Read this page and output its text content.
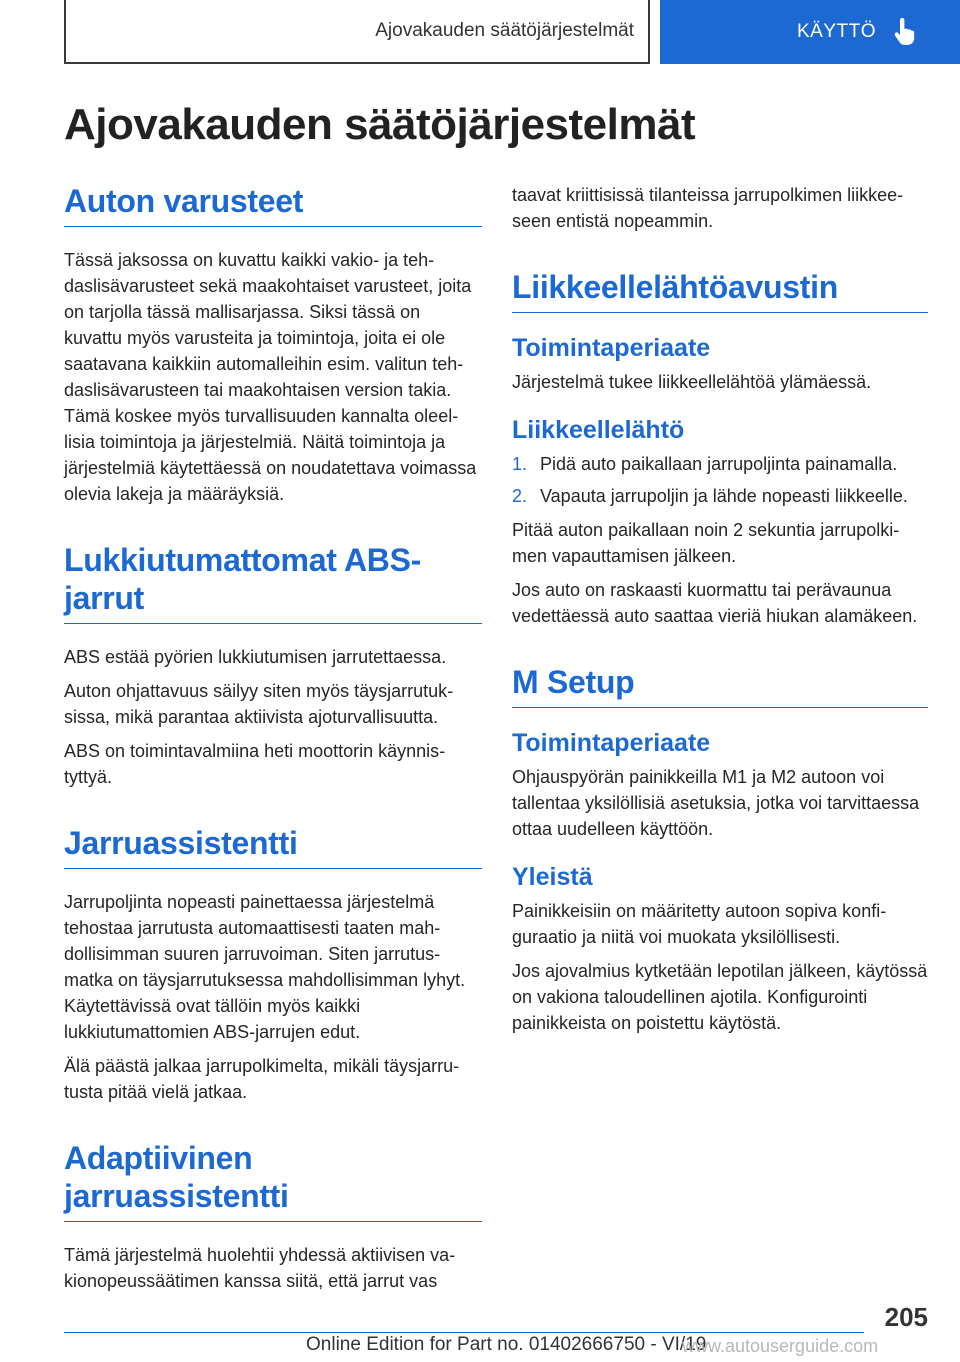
Ajovakauden säätöjärjestelmät	KÄYTTÖ
Ajovakauden säätöjärjestelmät
Auton varusteet

Tässä jaksossa on kuvattu kaikki vakio- ja tehdaslisävarusteet sekä maakohtaiset varusteet, joita on tarjolla tässä mallisarjassa. Siksi tässä on kuvattu myös varusteita ja toimintoja, joita ei ole saatavana kaikkiin automalleihin esim. valitun tehdaslisävarusteen tai maakohtaisen version takia. Tämä koskee myös turvallisuuden kannalta oleellisia toimintoja ja järjestelmiä. Näitä toimintoja ja järjestelmiä käytettäessä on noudatettava voimassa olevia lakeja ja määräyksiä.

Lukkiutumattomat ABS-jarrut

ABS estää pyörien lukkiutumisen jarrutettaessa.

Auton ohjattavuus säilyy siten myös täysjarrutuksissa, mikä parantaa aktiivista ajoturvallisuutta.

ABS on toimintavalmiina heti moottorin käynnistyttyä.

Jarruassistentti

Jarrupoljinta nopeasti painettaessa järjestelmä tehostaa jarrutusta automaattisesti taaten mahdollisimman suuren jarruvoiman. Siten jarrutusmatka on täysjarrutuksessa mahdollisimman lyhyt. Käytettävissä ovat tällöin myös kaikki lukkiutumattomien ABS-jarrujen edut.

Älä päästä jalkaa jarrupolkimelta, mikäli täysjarrutusta pitää vielä jatkaa.

Adaptiivinen jarruassistentti

Tämä järjestelmä huolehtii yhdessä aktiivisen vakionopeussäätimen kanssa siitä, että jarrut vas

taavat kriittisissä tilanteissa jarrupolkimen liikkeeseen entistä nopeammin.

Liikkeellelähtöavustin
Toimintaperiaate

Järjestelmä tukee liikkeellelähtöä ylämäessä.

Liikkeellelähtö
1. Pidä auto paikallaan jarrupoljinta painamalla.
2. Vapauta jarrupoljin ja lähde nopeasti liikkeelle.

Pitää auton paikallaan noin 2 sekuntia jarrupolkimen vapauttamisen jälkeen.

Jos auto on raskaasti kuormattu tai perävaunua vedettäessä auto saattaa vieriä hiukan alamäkeen.

M Setup
Toimintaperiaate

Ohjauspyörän painikkeilla M1 ja M2 autoon voi tallentaa yksilöllisiä asetuksia, jotka voi tarvittaessa ottaa uudelleen käyttöön.

Yleistä

Painikkeisiin on määritetty autoon sopiva konfiguraatio ja niitä voi muokata yksilöllisesti.

Jos ajovalmius kytketään lepotilan jälkeen, käytössä on vakiona taloudellinen ajotila. Konfigurointi painikkeista on poistettu käytöstä.

205
Online Edition for Part no. 01402666750 - VI/19
www.autouserguide.com
